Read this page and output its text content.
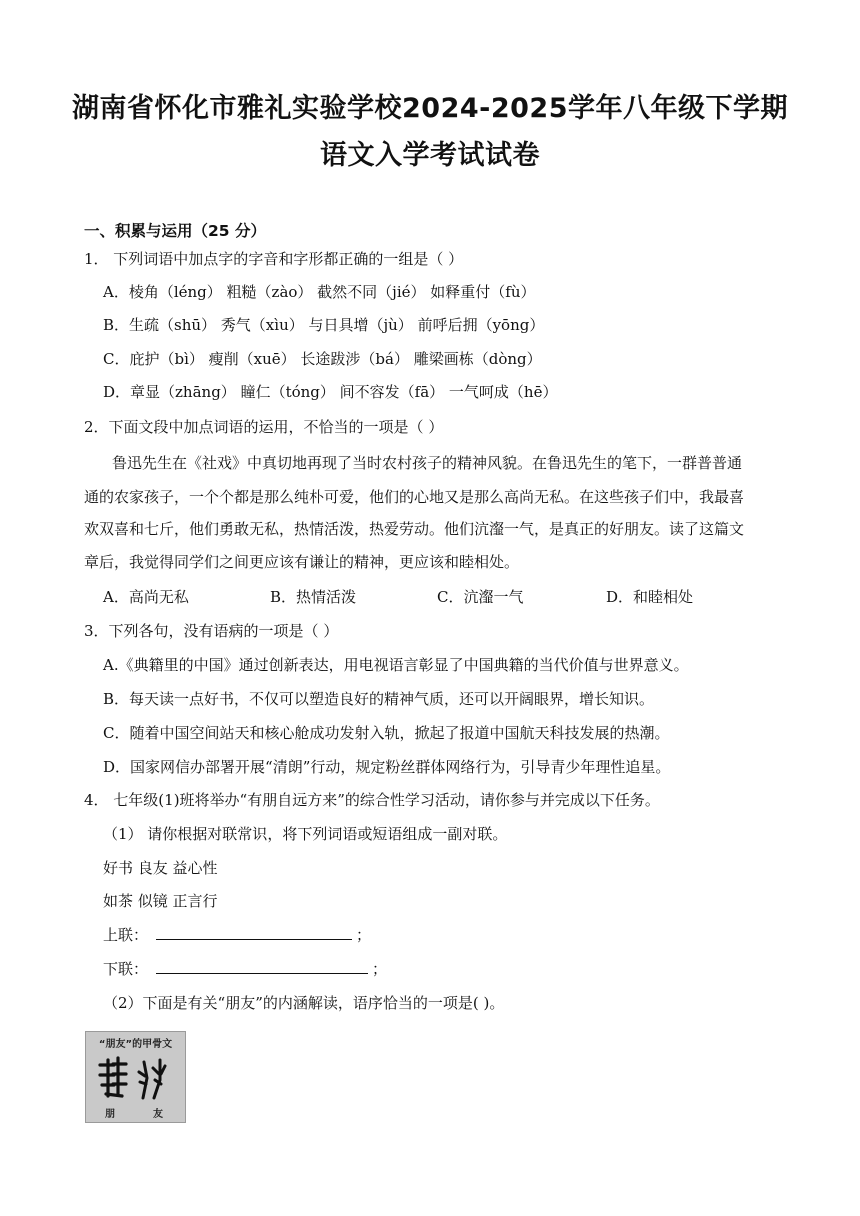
湖南省怀化市雅礼实验学校2024-2025学年八年级下学期
语文入学考试试卷
一、积累与运用（25 分）
1． 下列词语中加点字的字音和字形都正确的一组是（ ）
A．棱角（léng） 粗糙（zào） 截然不同（jié） 如释重付（fù）
B．生疏（shū） 秀气（xìu） 与日具增（jù） 前呼后拥（yōng）
C．庇护（bì） 瘦削（xuē） 长途跋涉（bá） 雕梁画栋（dòng）
D．章显（zhāng） 瞳仁（tóng） 间不容发（fā） 一气呵成（hē）
2．下面文段中加点词语的运用，不恰当的一项是（ ）
鲁迅先生在《社戏》中真切地再现了当时农村孩子的精神风貌。在鲁迅先生的笔下，一群普普通
通的农家孩子，一个个都是那么纯朴可爱，他们的心地又是那么高尚无私。在这些孩子们中，我最喜
欢双喜和七斤，他们勇敢无私，热情活泼，热爱劳动。他们沆瀣一气，是真正的好朋友。读了这篇文
章后，我觉得同学们之间更应该有谦让的精神，更应该和睦相处。
A．高尚无私	B．热情活泼	C．沆瀣一气	D．和睦相处
3．下列各句，没有语病的一项是（ ）
A.《典籍里的中国》通过创新表达，用电视语言彰显了中国典籍的当代价值与世界意义。
B．每天读一点好书，不仅可以塑造良好的精神气质，还可以开阔眼界，增长知识。
C．随着中国空间站天和核心舱成功发射入轨，掀起了报道中国航天科技发展的热潮。
D．国家网信办部署开展“清朗”行动，规定粉丝群体网络行为，引导青少年理性追星。
4． 七年级(1)班将举办“有朋自远方来”的综合性学习活动，请你参与并完成以下任务。
（1） 请你根据对联常识，将下列词语或短语组成一副对联。
好书 良友 益心性
如茶 似镜 正言行
上联：	；
下联：	；
（2）下面是有关“朋友”的内涵解读，语序恰当的一项是( )。
“朋友”的甲骨文
朋	友
